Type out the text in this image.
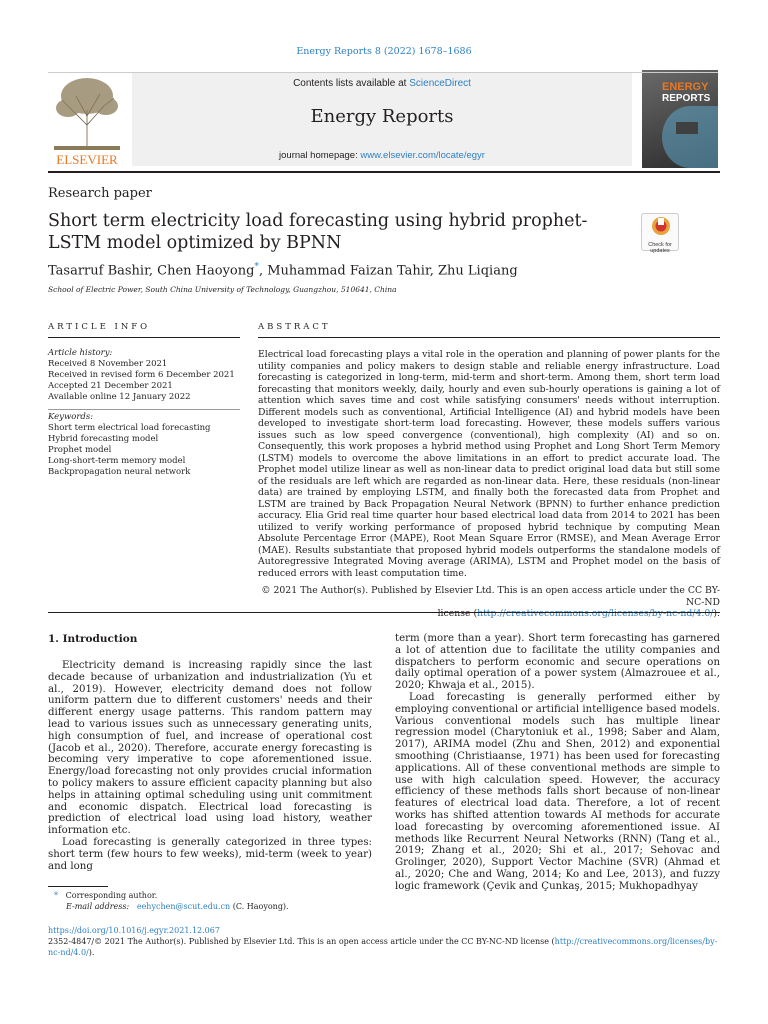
Energy Reports 8 (2022) 1678–1686
ELSEVIER
Contents lists available at ScienceDirect
Energy Reports
journal homepage: www.elsevier.com/locate/egyr
ENERGY
REPORTS
Research paper
Short term electricity load forecasting using hybrid prophet-LSTM model optimized by BPNN	Check for
updates
Tasarruf Bashir, Chen Haoyong*, Muhammad Faizan Tahir, Zhu Liqiang
School of Electric Power, South China University of Technology, Guangzhou, 510641, China
ARTICLE INFO
Article history:
Received 8 November 2021
Received in revised form 6 December 2021
Accepted 21 December 2021
Available online 12 January 2022
Keywords:
Short term electrical load forecasting
Hybrid forecasting model
Prophet model
Long-short-term memory model
Backpropagation neural network
ABSTRACT
Electrical load forecasting plays a vital role in the operation and planning of power plants for the utility companies and policy makers to design stable and reliable energy infrastructure. Load forecasting is categorized in long-term, mid-term and short-term. Among them, short term load forecasting that monitors weekly, daily, hourly and even sub-hourly operations is gaining a lot of attention which saves time and cost while satisfying consumers' needs without interruption. Different models such as conventional, Artificial Intelligence (AI) and hybrid models have been developed to investigate short-term load forecasting. However, these models suffers various issues such as low speed convergence (conventional), high complexity (AI) and so on. Consequently, this work proposes a hybrid method using Prophet and Long Short Term Memory (LSTM) models to overcome the above limitations in an effort to predict accurate load. The Prophet model utilize linear as well as non-linear data to predict original load data but still some of the residuals are left which are regarded as non-linear data. Here, these residuals (non-linear data) are trained by employing LSTM, and finally both the forecasted data from Prophet and LSTM are trained by Back Propagation Neural Network (BPNN) to further enhance prediction accuracy. Elia Grid real time quarter hour based electrical load data from 2014 to 2021 has been utilized to verify working performance of proposed hybrid technique by computing Mean Absolute Percentage Error (MAPE), Root Mean Square Error (RMSE), and Mean Average Error (MAE). Results substantiate that proposed hybrid models outperforms the standalone models of Autoregressive Integrated Moving average (ARIMA), LSTM and Prophet model on the basis of reduced errors with least computation time.
© 2021 The Author(s). Published by Elsevier Ltd. This is an open access article under the CC BY-NC-ND
license (http://creativecommons.org/licenses/by-nc-nd/4.0/).
1. Introduction

Electricity demand is increasing rapidly since the last decade because of urbanization and industrialization (Yu et al., 2019). However, electricity demand does not follow uniform pattern due to different customers' needs and their different energy usage patterns. This random pattern may lead to various issues such as unnecessary generating units, high consumption of fuel, and increase of operational cost (Jacob et al., 2020). Therefore, accurate energy forecasting is becoming very imperative to cope aforementioned issue. Energy/load forecasting not only provides crucial information to policy makers to assure efficient capacity planning but also helps in attaining optimal scheduling using unit commitment and economic dispatch. Electrical load forecasting is prediction of electrical load using load history, weather information etc.

Load forecasting is generally categorized in three types: short term (few hours to few weeks), mid-term (week to year) and long

term (more than a year). Short term forecasting has garnered a lot of attention due to facilitate the utility companies and dispatchers to perform economic and secure operations on daily optimal operation of a power system (Almazrouee et al., 2020; Khwaja et al., 2015).

Load forecasting is generally performed either by employing conventional or artificial intelligence based models. Various conventional models such has multiple linear regression model (Charytoniuk et al., 1998; Saber and Alam, 2017), ARIMA model (Zhu and Shen, 2012) and exponential smoothing (Christiaanse, 1971) has been used for forecasting applications. All of these conventional methods are simple to use with high calculation speed. However, the accuracy efficiency of these methods falls short because of non-linear features of electrical load data. Therefore, a lot of recent works has shifted attention towards AI methods for accurate load forecasting by overcoming aforementioned issue. AI methods like Recurrent Neural Networks (RNN) (Tang et al., 2019; Zhang et al., 2020; Shi et al., 2017; Sehovac and Grolinger, 2020), Support Vector Machine (SVR) (Ahmad et al., 2020; Che and Wang, 2014; Ko and Lee, 2013), and fuzzy logic framework (Çevik and Çunkaş, 2015; Mukhopadhyay

* Corresponding author.
E-mail address: eehychen@scut.edu.cn (C. Haoyong).
https://doi.org/10.1016/j.egyr.2021.12.067
2352-4847/© 2021 The Author(s). Published by Elsevier Ltd. This is an open access article under the CC BY-NC-ND license (http://creativecommons.org/licenses/by-nc-nd/4.0/).
